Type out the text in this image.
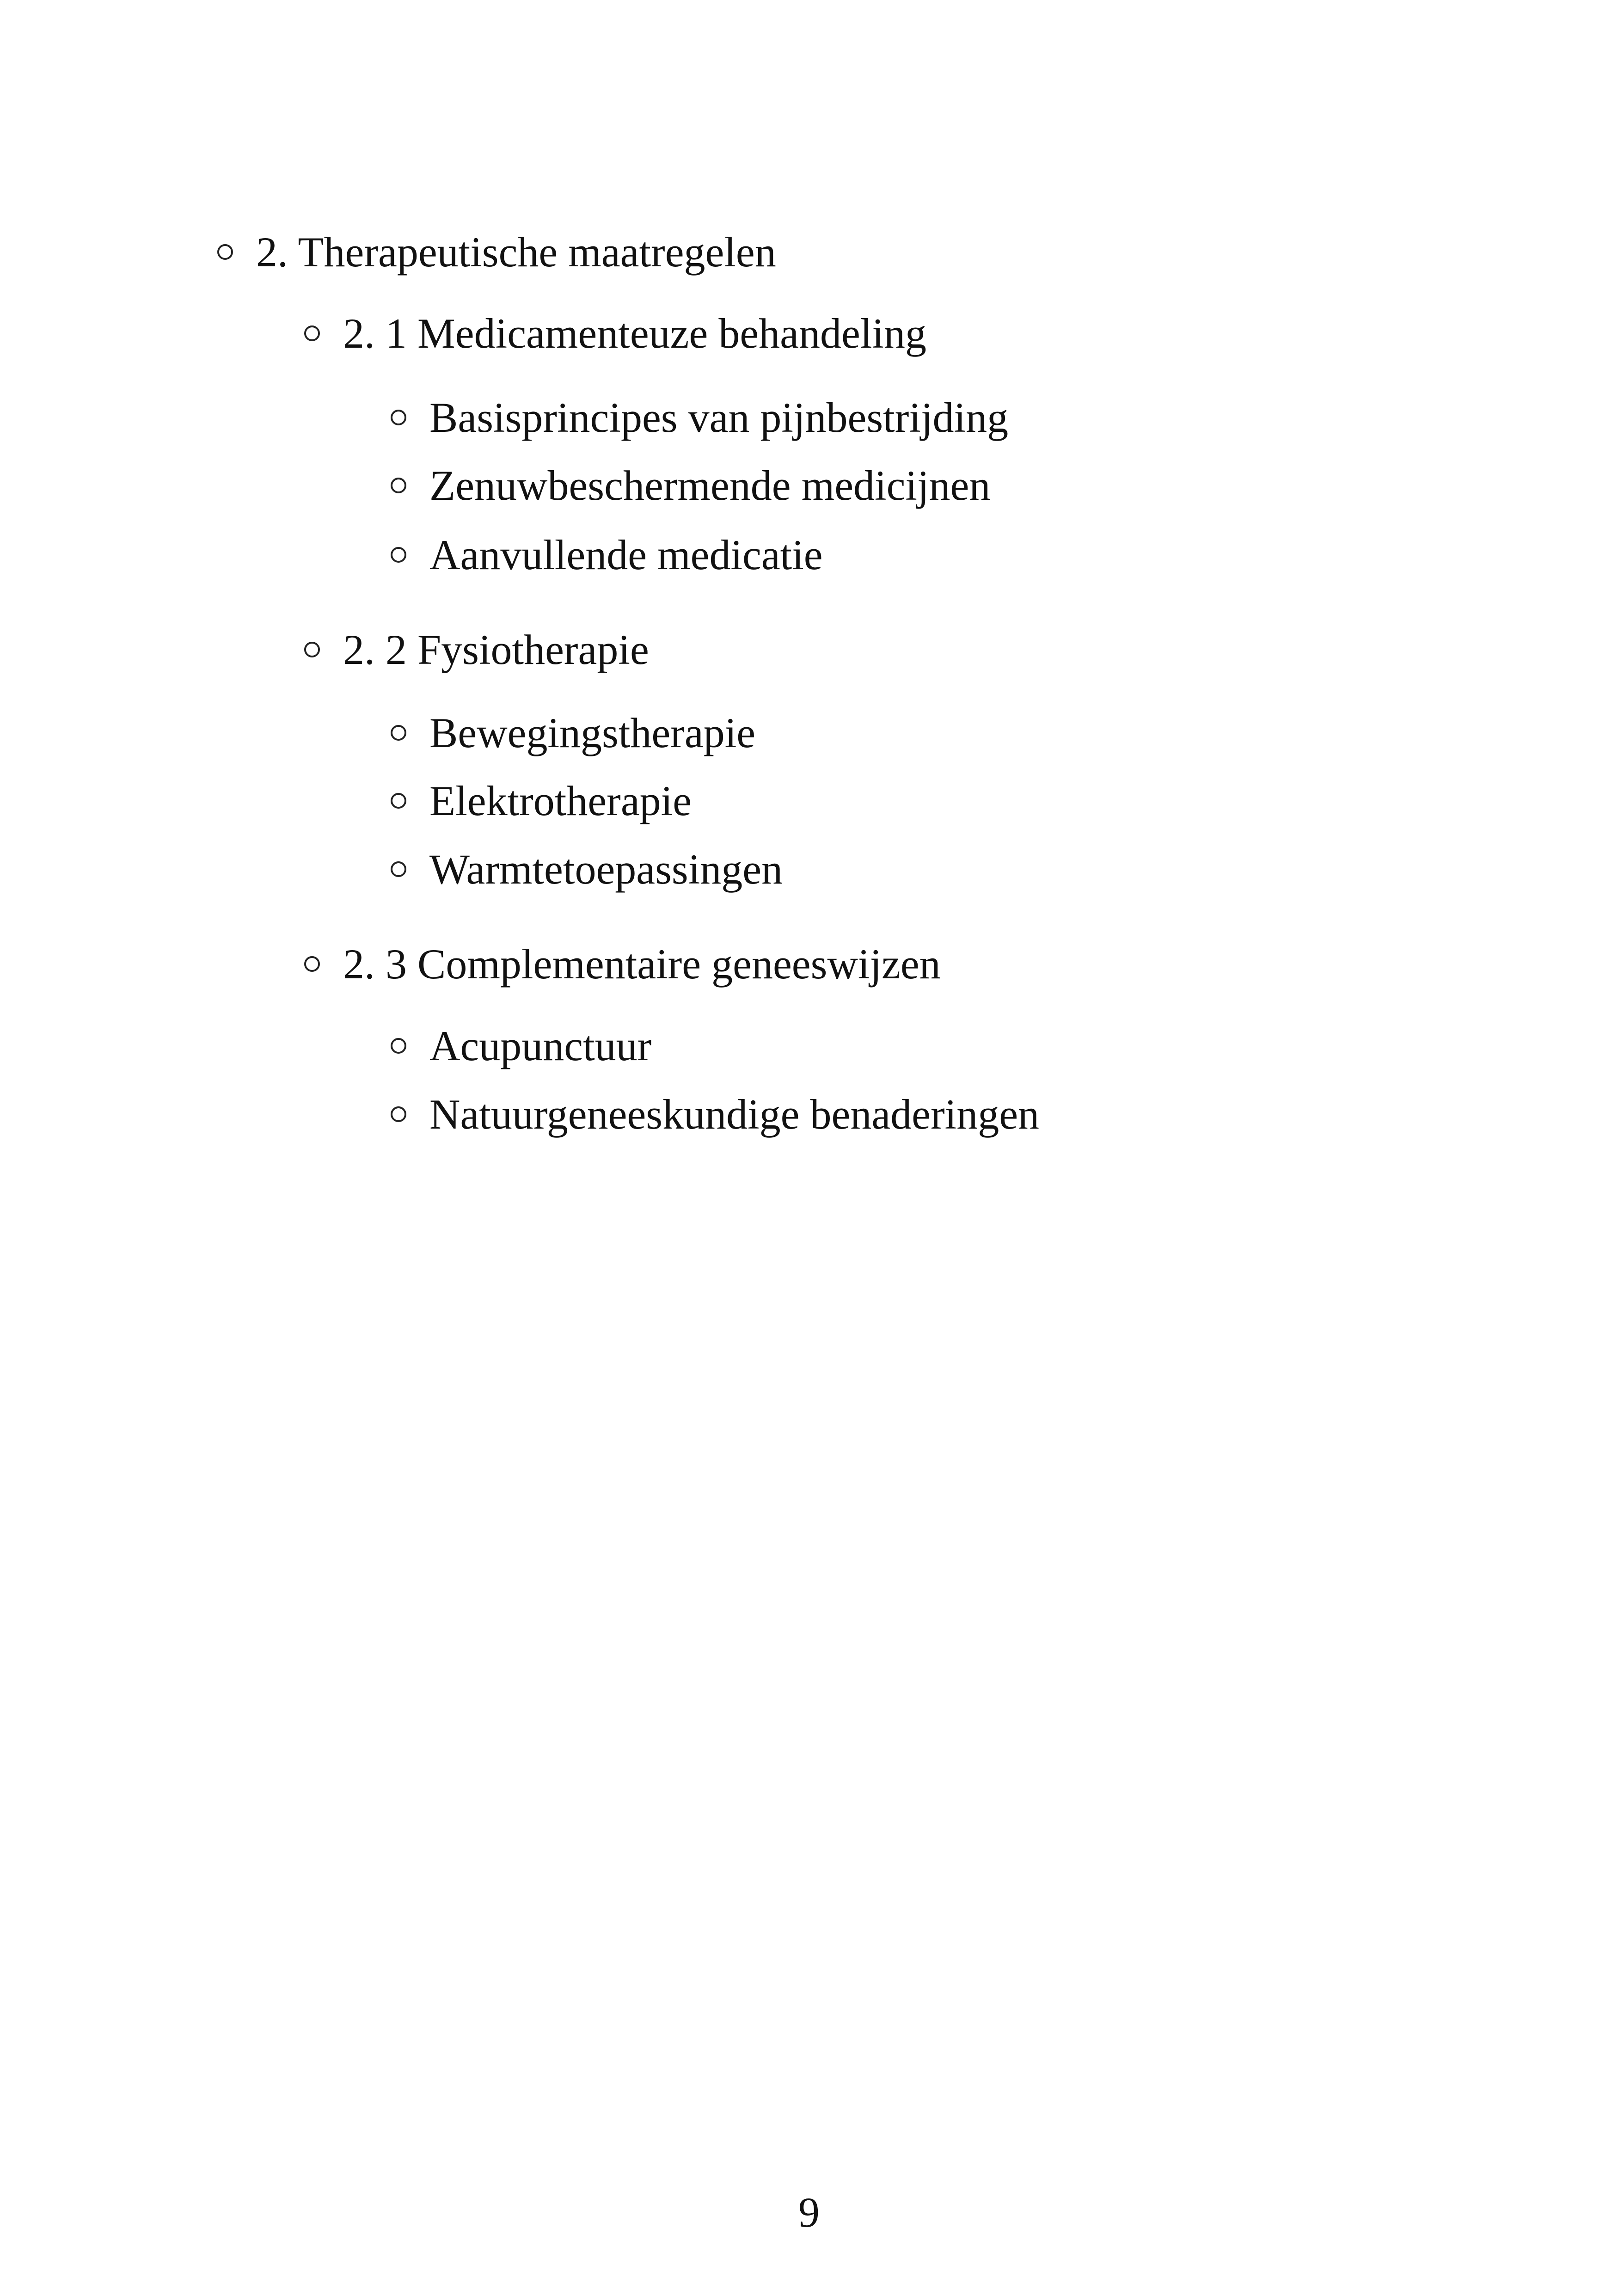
2. Therapeutische maatregelen
2. 1 Medicamenteuze behandeling
Basisprincipes van pijnbestrijding
Zenuwbeschermende medicijnen
Aanvullende medicatie
2. 2 Fysiotherapie
Bewegingstherapie
Elektrotherapie
Warmtetoepassingen
2. 3 Complementaire geneeswijzen
Acupunctuur
Natuurgeneeskundige benaderingen
9
